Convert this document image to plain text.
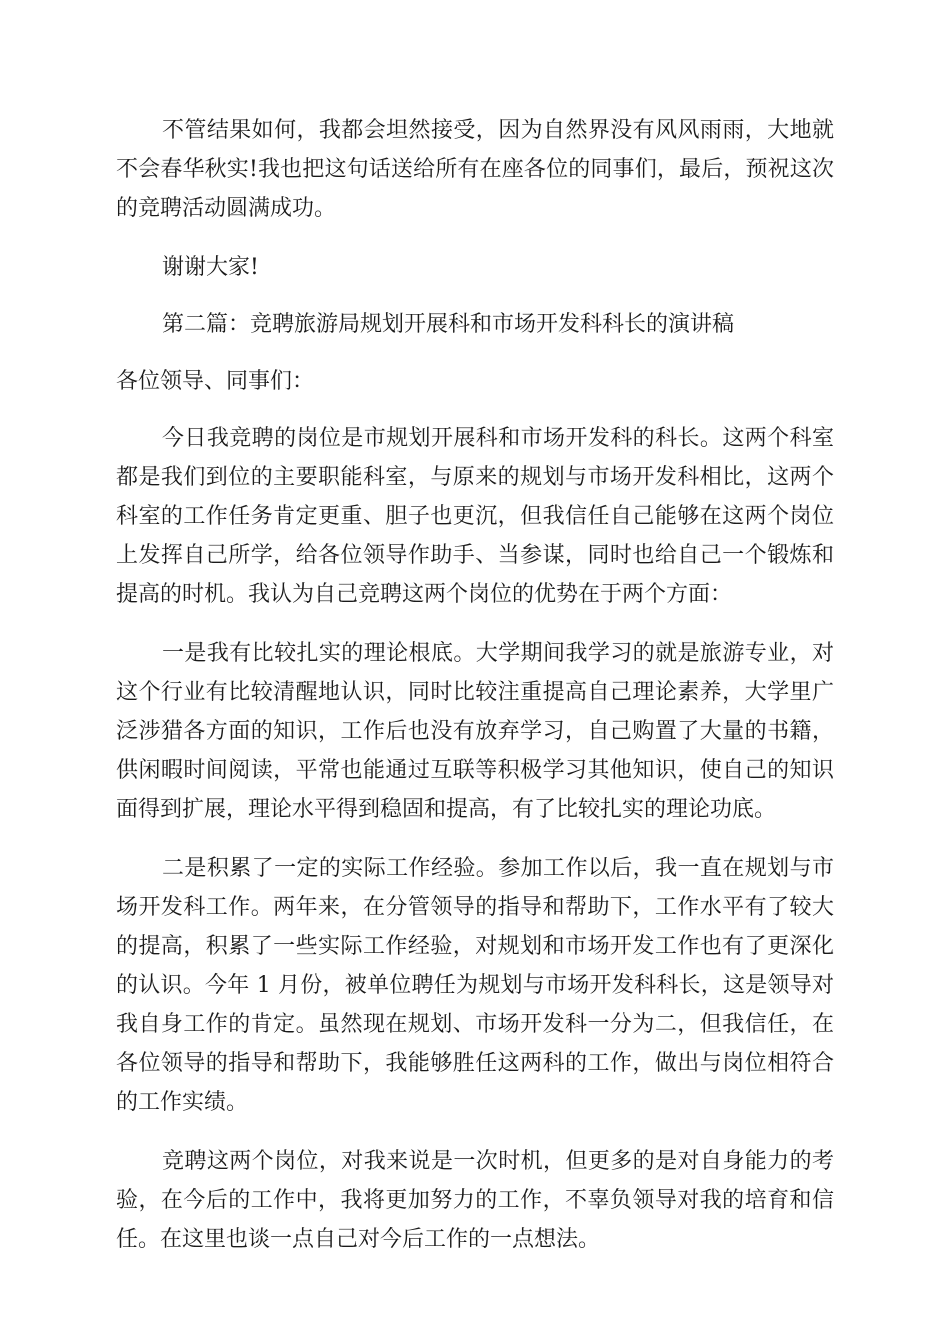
不管结果如何，我都会坦然接受，因为自然界没有风风雨雨，大地就不会春华秋实!我也把这句话送给所有在座各位的同事们，最后，预祝这次的竞聘活动圆满成功。

谢谢大家!

第二篇：竞聘旅游局规划开展科和市场开发科科长的演讲稿

各位领导、同事们：

今日我竞聘的岗位是市规划开展科和市场开发科的科长。这两个科室都是我们到位的主要职能科室，与原来的规划与市场开发科相比，这两个科室的工作任务肯定更重、胆子也更沉，但我信任自己能够在这两个岗位上发挥自己所学，给各位领导作助手、当参谋，同时也给自己一个锻炼和提高的时机。我认为自己竞聘这两个岗位的优势在于两个方面：

一是我有比较扎实的理论根底。大学期间我学习的就是旅游专业，对这个行业有比较清醒地认识，同时比较注重提高自己理论素养，大学里广泛涉猎各方面的知识，工作后也没有放弃学习，自己购置了大量的书籍，供闲暇时间阅读，平常也能通过互联等积极学习其他知识，使自己的知识面得到扩展，理论水平得到稳固和提高，有了比较扎实的理论功底。

二是积累了一定的实际工作经验。参加工作以后，我一直在规划与市场开发科工作。两年来，在分管领导的指导和帮助下，工作水平有了较大的提高，积累了一些实际工作经验，对规划和市场开发工作也有了更深化的认识。今年 1 月份，被单位聘任为规划与市场开发科科长，这是领导对我自身工作的肯定。虽然现在规划、市场开发科一分为二，但我信任，在各位领导的指导和帮助下，我能够胜任这两科的工作，做出与岗位相符合的工作实绩。

竞聘这两个岗位，对我来说是一次时机，但更多的是对自身能力的考验，在今后的工作中，我将更加努力的工作，不辜负领导对我的培育和信任。在这里也谈一点自己对今后工作的一点想法。
